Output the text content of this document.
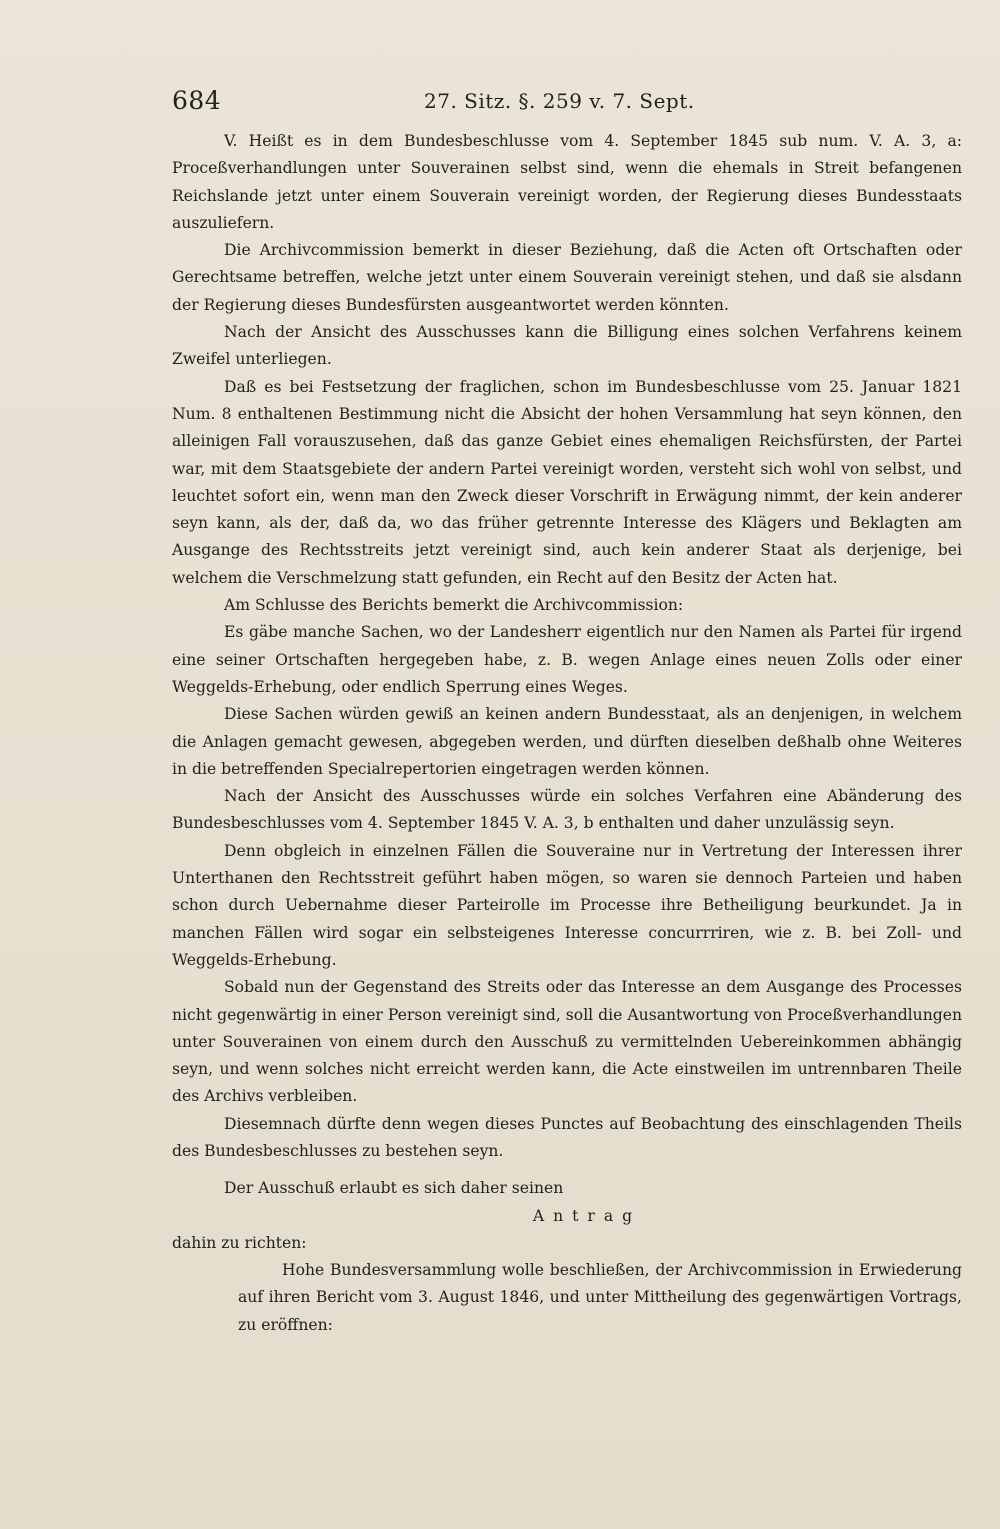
684	27. Sitz. §. 259 v. 7. Sept.

V. Heißt es in dem Bundesbeschlusse vom 4. September 1845 sub num. V. A. 3, a: Proceßverhandlungen unter Souverainen selbst sind, wenn die ehemals in Streit befangenen Reichslande jetzt unter einem Souverain vereinigt worden, der Regierung dieses Bundesstaats auszuliefern.

Die Archivcommission bemerkt in dieser Beziehung, daß die Acten oft Ortschaften oder Gerechtsame betreffen, welche jetzt unter einem Souverain vereinigt stehen, und daß sie alsdann der Regierung dieses Bundesfürsten ausgeantwortet werden könnten.

Nach der Ansicht des Ausschusses kann die Billigung eines solchen Verfahrens keinem Zweifel unterliegen.

Daß es bei Festsetzung der fraglichen, schon im Bundesbeschlusse vom 25. Januar 1821 Num. 8 enthaltenen Bestimmung nicht die Absicht der hohen Versammlung hat seyn können, den alleinigen Fall vorauszusehen, daß das ganze Gebiet eines ehemaligen Reichsfürsten, der Partei war, mit dem Staatsgebiete der andern Partei vereinigt worden, versteht sich wohl von selbst, und leuchtet sofort ein, wenn man den Zweck dieser Vorschrift in Erwägung nimmt, der kein anderer seyn kann, als der, daß da, wo das früher getrennte Interesse des Klägers und Beklagten am Ausgange des Rechtsstreits jetzt vereinigt sind, auch kein anderer Staat als derjenige, bei welchem die Verschmelzung statt gefunden, ein Recht auf den Besitz der Acten hat.

Am Schlusse des Berichts bemerkt die Archivcommission:

Es gäbe manche Sachen, wo der Landesherr eigentlich nur den Namen als Partei für irgend eine seiner Ortschaften hergegeben habe, z. B. wegen Anlage eines neuen Zolls oder einer Weggelds-Erhebung, oder endlich Sperrung eines Weges.

Diese Sachen würden gewiß an keinen andern Bundesstaat, als an denjenigen, in welchem die Anlagen gemacht gewesen, abgegeben werden, und dürften dieselben deßhalb ohne Weiteres in die betreffenden Specialrepertorien eingetragen werden können.

Nach der Ansicht des Ausschusses würde ein solches Verfahren eine Abänderung des Bundesbeschlusses vom 4. September 1845 V. A. 3, b enthalten und daher unzulässig seyn.

Denn obgleich in einzelnen Fällen die Souveraine nur in Vertretung der Interessen ihrer Unterthanen den Rechtsstreit geführt haben mögen, so waren sie dennoch Parteien und haben schon durch Uebernahme dieser Parteirolle im Processe ihre Betheiligung beurkundet. Ja in manchen Fällen wird sogar ein selbsteigenes Interesse concurrriren, wie z. B. bei Zoll- und Weggelds-Erhebung.

Sobald nun der Gegenstand des Streits oder das Interesse an dem Ausgange des Processes nicht gegenwärtig in einer Person vereinigt sind, soll die Ausantwortung von Proceßverhandlungen unter Souverainen von einem durch den Ausschuß zu vermittelnden Uebereinkommen abhängig seyn, und wenn solches nicht erreicht werden kann, die Acte einstweilen im untrennbaren Theile des Archivs verbleiben.

Diesemnach dürfte denn wegen dieses Punctes auf Beobachtung des einschlagenden Theils des Bundesbeschlusses zu bestehen seyn.

Der Ausschuß erlaubt es sich daher seinen

Antrag

dahin zu richten:

Hohe Bundesversammlung wolle beschließen, der Archivcommission in Erwiederung auf ihren Bericht vom 3. August 1846, und unter Mittheilung des gegenwärtigen Vortrags, zu eröffnen:
